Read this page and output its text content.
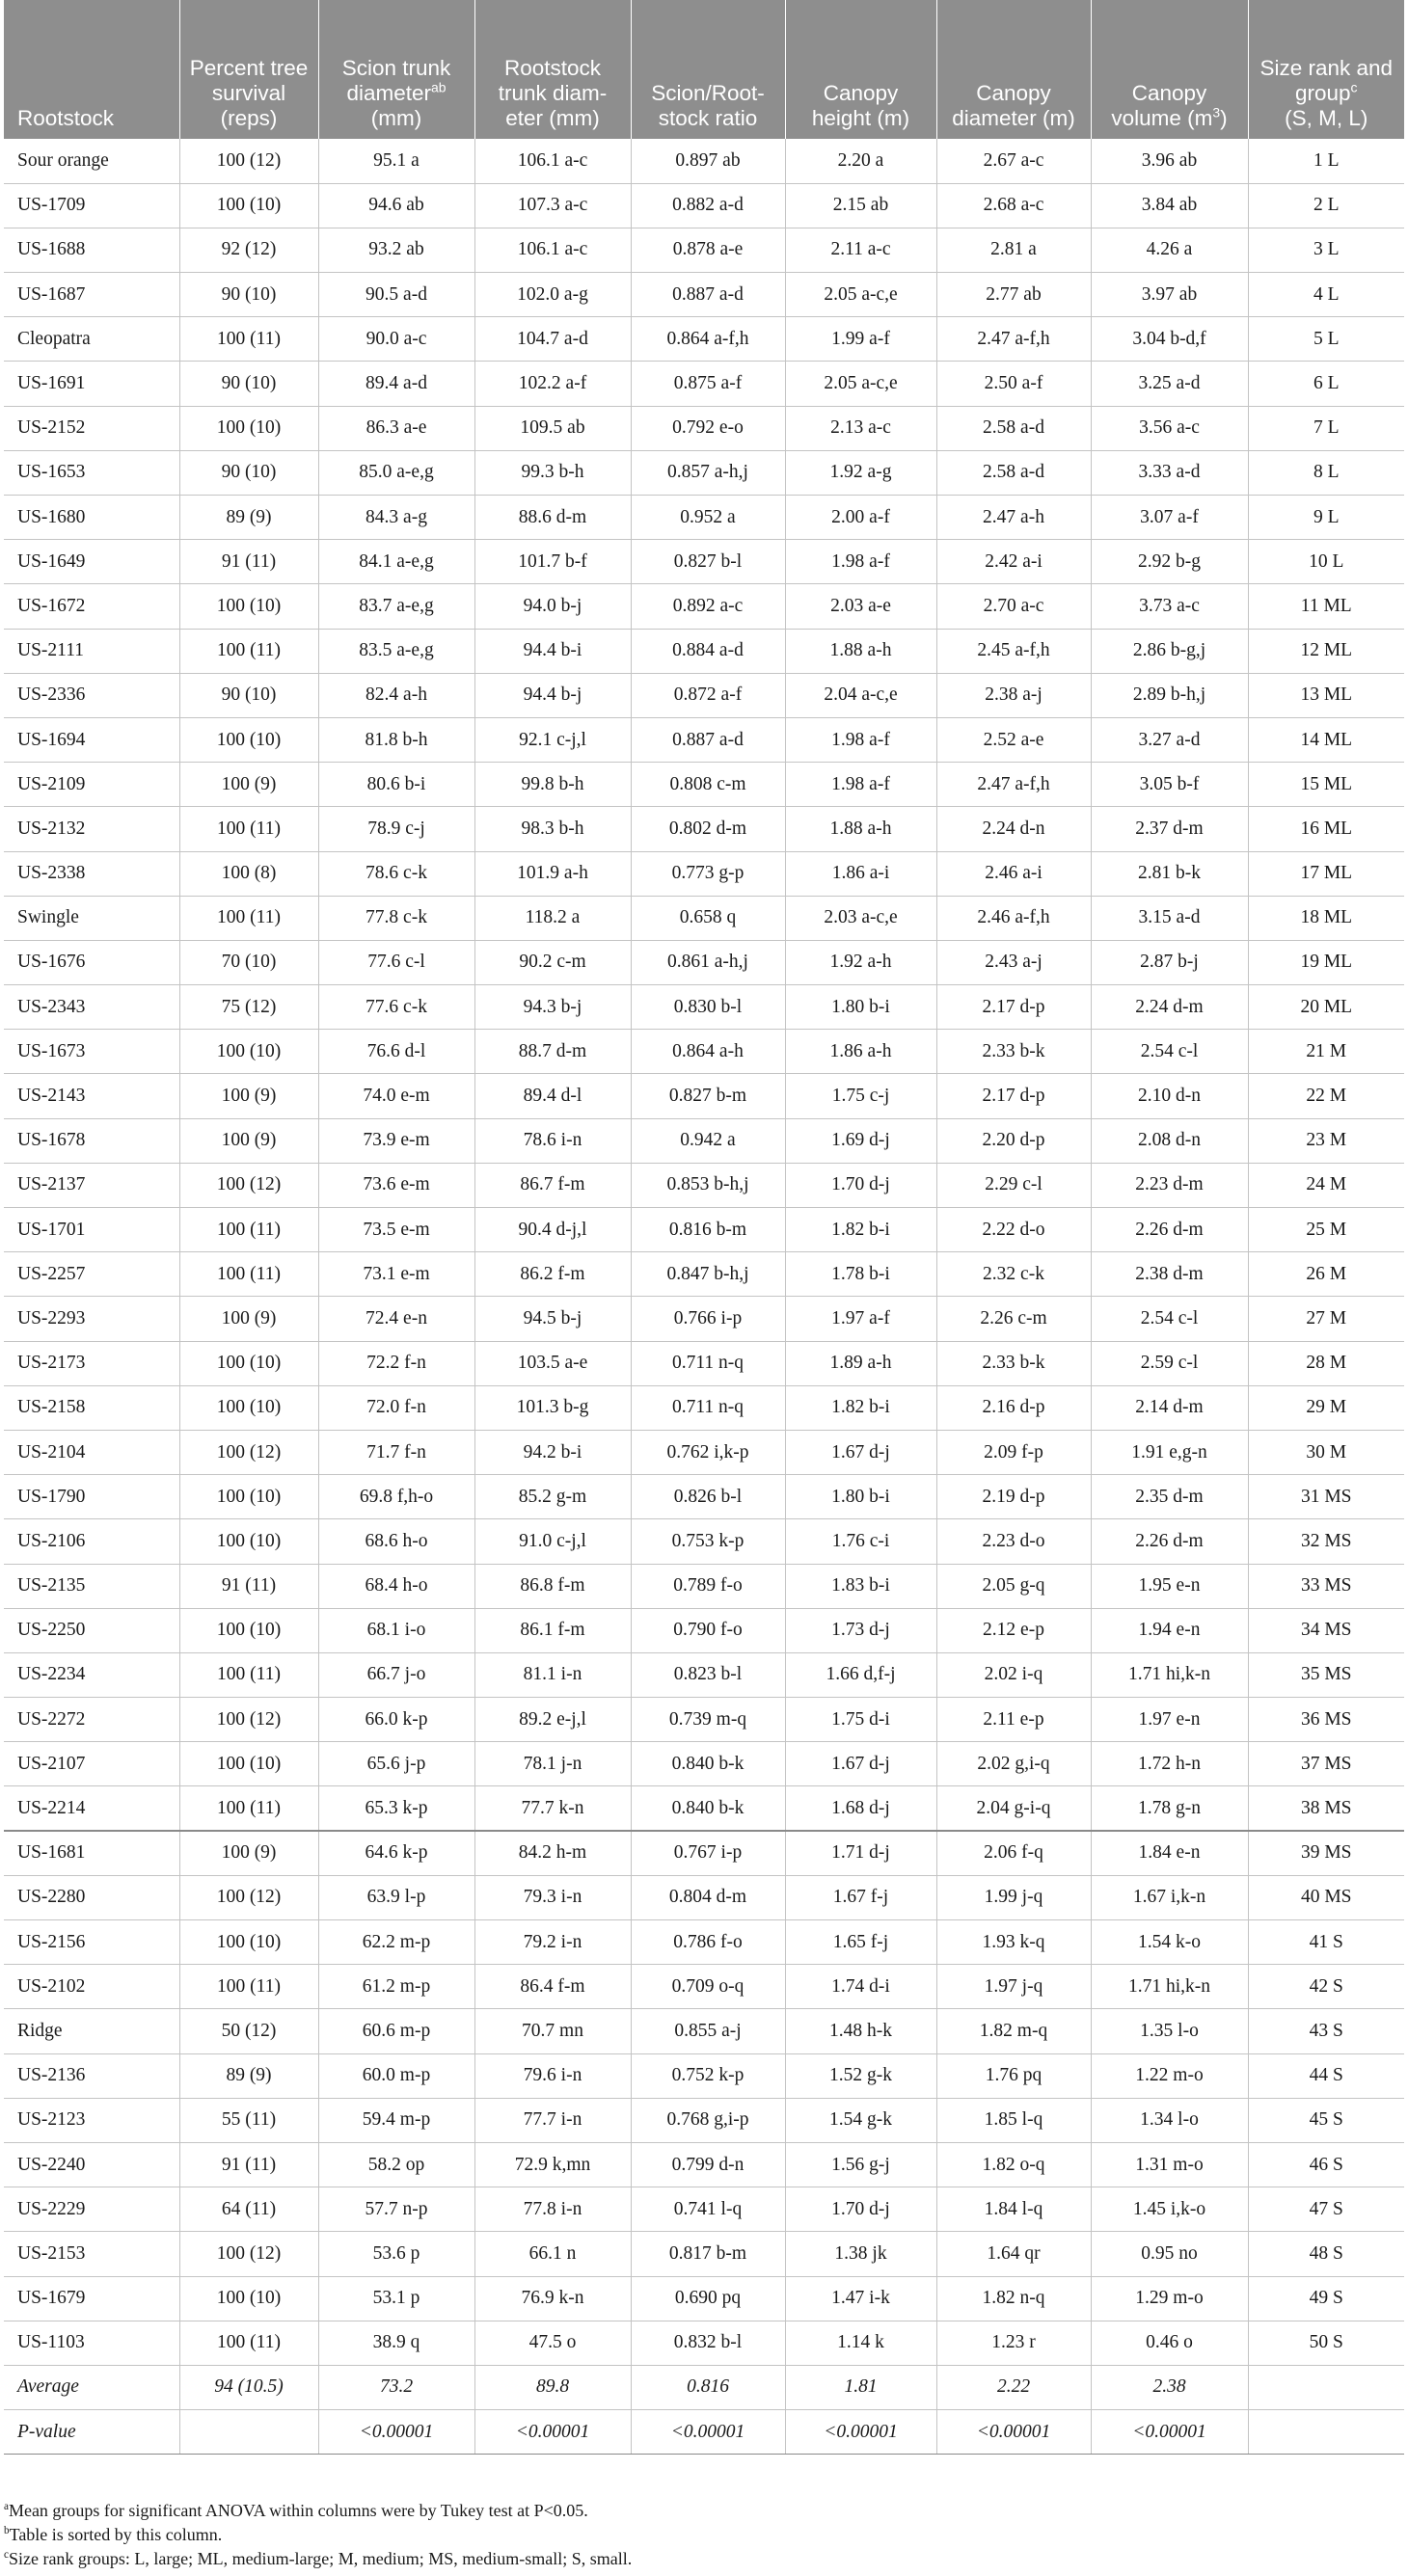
Rootstock	Percent tree survival (reps)	Scion trunk diameter$^{ab}$
(mm)	Rootstock trunk diam-eter (mm)	Scion/Root-stock ratio	Canopy height (m)	Canopy diameter (m)	Canopy volume $(m^3)$	Size rank and group$^c$
(S, M, L)
Sour orange	100 (12)	95.1 a	106.1 a-c	0.897 ab	2.20 a	2.67 a-c	3.96 ab	1 L
US-1709	100 (10)	94.6 ab	107.3 a-c	0.882 a-d	2.15 ab	2.68 a-c	3.84 ab	2 L
US-1688	92 (12)	93.2 ab	106.1 a-c	0.878 a-e	2.11 a-c	2.81 a	4.26 a	3 L
US-1687	90 (10)	90.5 a-d	102.0 a-g	0.887 a-d	2.05 a-c,e	2.77 ab	3.97 ab	4 L
Cleopatra	100 (11)	90.0 a-c	104.7 a-d	0.864 a-f,h	1.99 a-f	2.47 a-f,h	3.04 b-d,f	5 L
US-1691	90 (10)	89.4 a-d	102.2 a-f	0.875 a-f	2.05 a-c,e	2.50 a-f	3.25 a-d	6 L
US-2152	100 (10)	86.3 a-e	109.5 ab	0.792 e-o	2.13 a-c	2.58 a-d	3.56 a-c	7 L
US-1653	90 (10)	85.0 a-e,g	99.3 b-h	0.857 a-h,j	1.92 a-g	2.58 a-d	3.33 a-d	8 L
US-1680	89 (9)	84.3 a-g	88.6 d-m	0.952 a	2.00 a-f	2.47 a-h	3.07 a-f	9 L
US-1649	91 (11)	84.1 a-e,g	101.7 b-f	0.827 b-l	1.98 a-f	2.42 a-i	2.92 b-g	10 L
US-1672	100 (10)	83.7 a-e,g	94.0 b-j	0.892 a-c	2.03 a-e	2.70 a-c	3.73 a-c	11 ML
US-2111	100 (11)	83.5 a-e,g	94.4 b-i	0.884 a-d	1.88 a-h	2.45 a-f,h	2.86 b-g,j	12 ML
US-2336	90 (10)	82.4 a-h	94.4 b-j	0.872 a-f	2.04 a-c,e	2.38 a-j	2.89 b-h,j	13 ML
US-1694	100 (10)	81.8 b-h	92.1 c-j,l	0.887 a-d	1.98 a-f	2.52 a-e	3.27 a-d	14 ML
US-2109	100 (9)	80.6 b-i	99.8 b-h	0.808 c-m	1.98 a-f	2.47 a-f,h	3.05 b-f	15 ML
US-2132	100 (11)	78.9 c-j	98.3 b-h	0.802 d-m	1.88 a-h	2.24 d-n	2.37 d-m	16 ML
US-2338	100 (8)	78.6 c-k	101.9 a-h	0.773 g-p	1.86 a-i	2.46 a-i	2.81 b-k	17 ML
Swingle	100 (11)	77.8 c-k	118.2 a	0.658 q	2.03 a-c,e	2.46 a-f,h	3.15 a-d	18 ML
US-1676	70 (10)	77.6 c-l	90.2 c-m	0.861 a-h,j	1.92 a-h	2.43 a-j	2.87 b-j	19 ML
US-2343	75 (12)	77.6 c-k	94.3 b-j	0.830 b-l	1.80 b-i	2.17 d-p	2.24 d-m	20 ML
US-1673	100 (10)	76.6 d-l	88.7 d-m	0.864 a-h	1.86 a-h	2.33 b-k	2.54 c-l	21 M
US-2143	100 (9)	74.0 e-m	89.4 d-l	0.827 b-m	1.75 c-j	2.17 d-p	2.10 d-n	22 M
US-1678	100 (9)	73.9 e-m	78.6 i-n	0.942 a	1.69 d-j	2.20 d-p	2.08 d-n	23 M
US-2137	100 (12)	73.6 e-m	86.7 f-m	0.853 b-h,j	1.70 d-j	2.29 c-l	2.23 d-m	24 M
US-1701	100 (11)	73.5 e-m	90.4 d-j,l	0.816 b-m	1.82 b-i	2.22 d-o	2.26 d-m	25 M
US-2257	100 (11)	73.1 e-m	86.2 f-m	0.847 b-h,j	1.78 b-i	2.32 c-k	2.38 d-m	26 M
US-2293	100 (9)	72.4 e-n	94.5 b-j	0.766 i-p	1.97 a-f	2.26 c-m	2.54 c-l	27 M
US-2173	100 (10)	72.2 f-n	103.5 a-e	0.711 n-q	1.89 a-h	2.33 b-k	2.59 c-l	28 M
US-2158	100 (10)	72.0 f-n	101.3 b-g	0.711 n-q	1.82 b-i	2.16 d-p	2.14 d-m	29 M
US-2104	100 (12)	71.7 f-n	94.2 b-i	0.762 i,k-p	1.67 d-j	2.09 f-p	1.91 e,g-n	30 M
US-1790	100 (10)	69.8 f,h-o	85.2 g-m	0.826 b-l	1.80 b-i	2.19 d-p	2.35 d-m	31 MS
US-2106	100 (10)	68.6 h-o	91.0 c-j,l	0.753 k-p	1.76 c-i	2.23 d-o	2.26 d-m	32 MS
US-2135	91 (11)	68.4 h-o	86.8 f-m	0.789 f-o	1.83 b-i	2.05 g-q	1.95 e-n	33 MS
US-2250	100 (10)	68.1 i-o	86.1 f-m	0.790 f-o	1.73 d-j	2.12 e-p	1.94 e-n	34 MS
US-2234	100 (11)	66.7 j-o	81.1 i-n	0.823 b-l	1.66 d,f-j	2.02 i-q	1.71 hi,k-n	35 MS
US-2272	100 (12)	66.0 k-p	89.2 e-j,l	0.739 m-q	1.75 d-i	2.11 e-p	1.97 e-n	36 MS
US-2107	100 (10)	65.6 j-p	78.1 j-n	0.840 b-k	1.67 d-j	2.02 g,i-q	1.72 h-n	37 MS
US-2214	100 (11)	65.3 k-p	77.7 k-n	0.840 b-k	1.68 d-j	2.04 g-i-q	1.78 g-n	38 MS
US-1681	100 (9)	64.6 k-p	84.2 h-m	0.767 i-p	1.71 d-j	2.06 f-q	1.84 e-n	39 MS
US-2280	100 (12)	63.9 l-p	79.3 i-n	0.804 d-m	1.67 f-j	1.99 j-q	1.67 i,k-n	40 MS
US-2156	100 (10)	62.2 m-p	79.2 i-n	0.786 f-o	1.65 f-j	1.93 k-q	1.54 k-o	41 S
US-2102	100 (11)	61.2 m-p	86.4 f-m	0.709 o-q	1.74 d-i	1.97 j-q	1.71 hi,k-n	42 S
Ridge	50 (12)	60.6 m-p	70.7 mn	0.855 a-j	1.48 h-k	1.82 m-q	1.35 l-o	43 S
US-2136	89 (9)	60.0 m-p	79.6 i-n	0.752 k-p	1.52 g-k	1.76 pq	1.22 m-o	44 S
US-2123	55 (11)	59.4 m-p	77.7 i-n	0.768 g,i-p	1.54 g-k	1.85 l-q	1.34 l-o	45 S
US-2240	91 (11)	58.2 op	72.9 k,mn	0.799 d-n	1.56 g-j	1.82 o-q	1.31 m-o	46 S
US-2229	64 (11)	57.7 n-p	77.8 i-n	0.741 l-q	1.70 d-j	1.84 l-q	1.45 i,k-o	47 S
US-2153	100 (12)	53.6 p	66.1 n	0.817 b-m	1.38 jk	1.64 qr	0.95 no	48 S
US-1679	100 (10)	53.1 p	76.9 k-n	0.690 pq	1.47 i-k	1.82 n-q	1.29 m-o	49 S
US-1103	100 (11)	38.9 q	47.5 o	0.832 b-l	1.14 k	1.23 r	0.46 o	50 S
Average	94 (10.5)	73.2	89.8	0.816	1.81	2.22	2.38	
P-value		<0.00001	<0.00001	<0.00001	<0.00001	<0.00001	<0.00001	

$^a$Mean groups for significant ANOVA within columns were by Tukey test at P<0.05.

$^b$Table is sorted by this column.

$^c$Size rank groups: L, large; ML, medium-large; M, medium; MS, medium-small; S, small.
